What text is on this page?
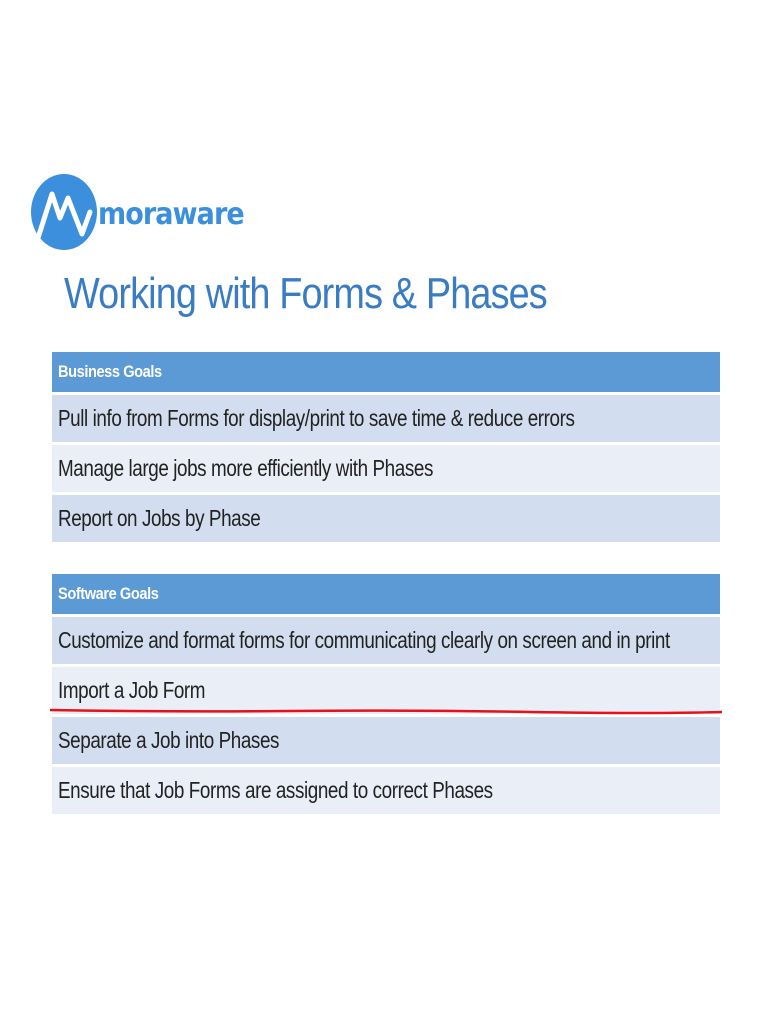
moraware
Working with Forms & Phases
Business Goals
Pull info from Forms for display/print to save time & reduce errors
Manage large jobs more efficiently with Phases
Report on Jobs by Phase
Software Goals
Customize and format forms for communicating clearly on screen and in print
Import a Job Form
Separate a Job into Phases
Ensure that Job Forms are assigned to correct Phases
